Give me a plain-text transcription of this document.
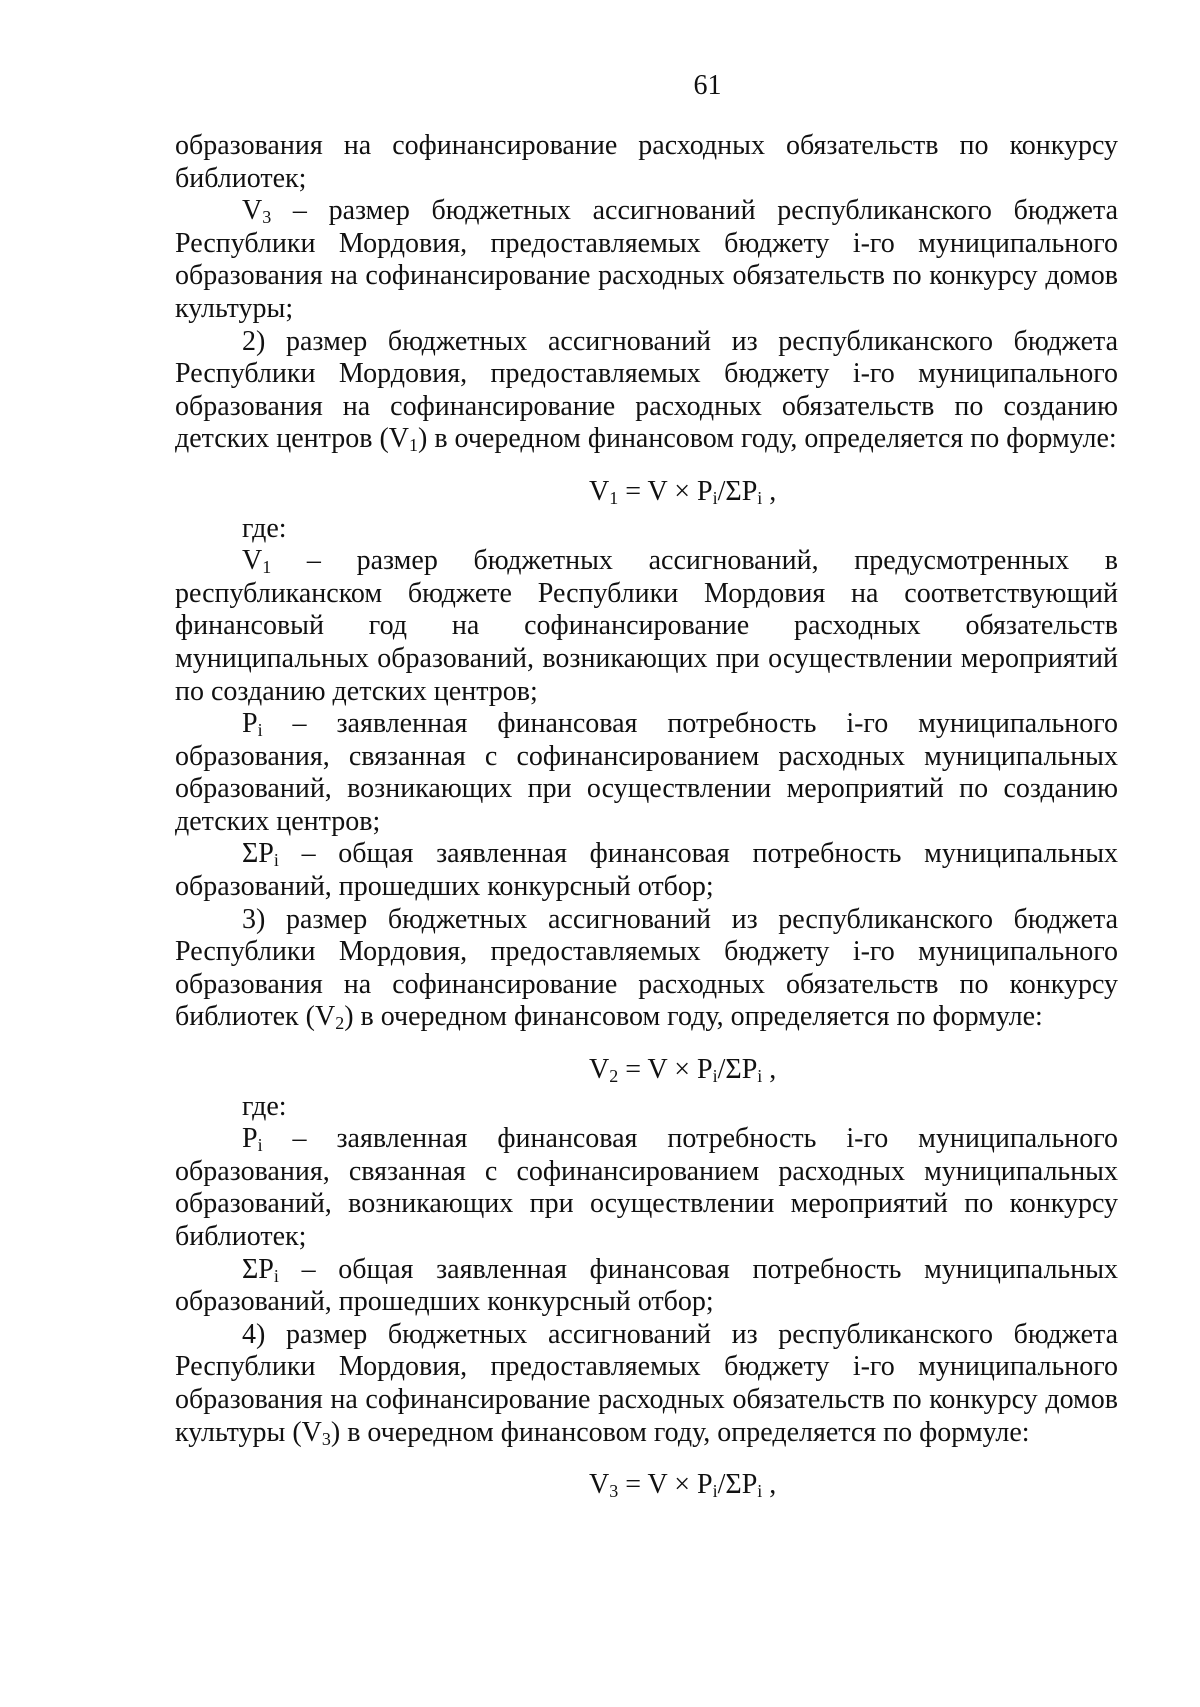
61
образования на софинансирование расходных обязательств по конкурсу библиотек;
$V_3$ – размер бюджетных ассигнований республиканского бюджета Республики Мордовия, предоставляемых бюджету i-го муниципального образования на софинансирование расходных обязательств по конкурсу домов культуры;
2) размер бюджетных ассигнований из республиканского бюджета Республики Мордовия, предоставляемых бюджету i-го муниципального образования на софинансирование расходных обязательств по созданию детских центров $(V_1)$ в очередном финансовом году, определяется по формуле:
$V_1 = V \times P_i/\Sigma P_i$ ,
где:
$V_1$ – размер бюджетных ассигнований, предусмотренных в республиканском бюджете Республики Мордовия на соответствующий финансовый год на софинансирование расходных обязательств муниципальных образований, возникающих при осуществлении мероприятий по созданию детских центров;
$P_i$ – заявленная финансовая потребность i-го муниципального образования, связанная с софинансированием расходных муниципальных образований, возникающих при осуществлении мероприятий по созданию детских центров;
$\Sigma P_i$ – общая заявленная финансовая потребность муниципальных образований, прошедших конкурсный отбор;
3) размер бюджетных ассигнований из республиканского бюджета Республики Мордовия, предоставляемых бюджету i-го муниципального образования на софинансирование расходных обязательств по конкурсу библиотек $(V_2)$ в очередном финансовом году, определяется по формуле:
$V_2 = V \times P_i/\Sigma P_i$ ,
где:
$P_i$ – заявленная финансовая потребность i-го муниципального образования, связанная с софинансированием расходных муниципальных образований, возникающих при осуществлении мероприятий по конкурсу библиотек;
$\Sigma P_i$ – общая заявленная финансовая потребность муниципальных образований, прошедших конкурсный отбор;
4) размер бюджетных ассигнований из республиканского бюджета Республики Мордовия, предоставляемых бюджету i-го муниципального образования на софинансирование расходных обязательств по конкурсу домов культуры $(V_3)$ в очередном финансовом году, определяется по формуле:
$V_3 = V \times P_i/\Sigma P_i$ ,
